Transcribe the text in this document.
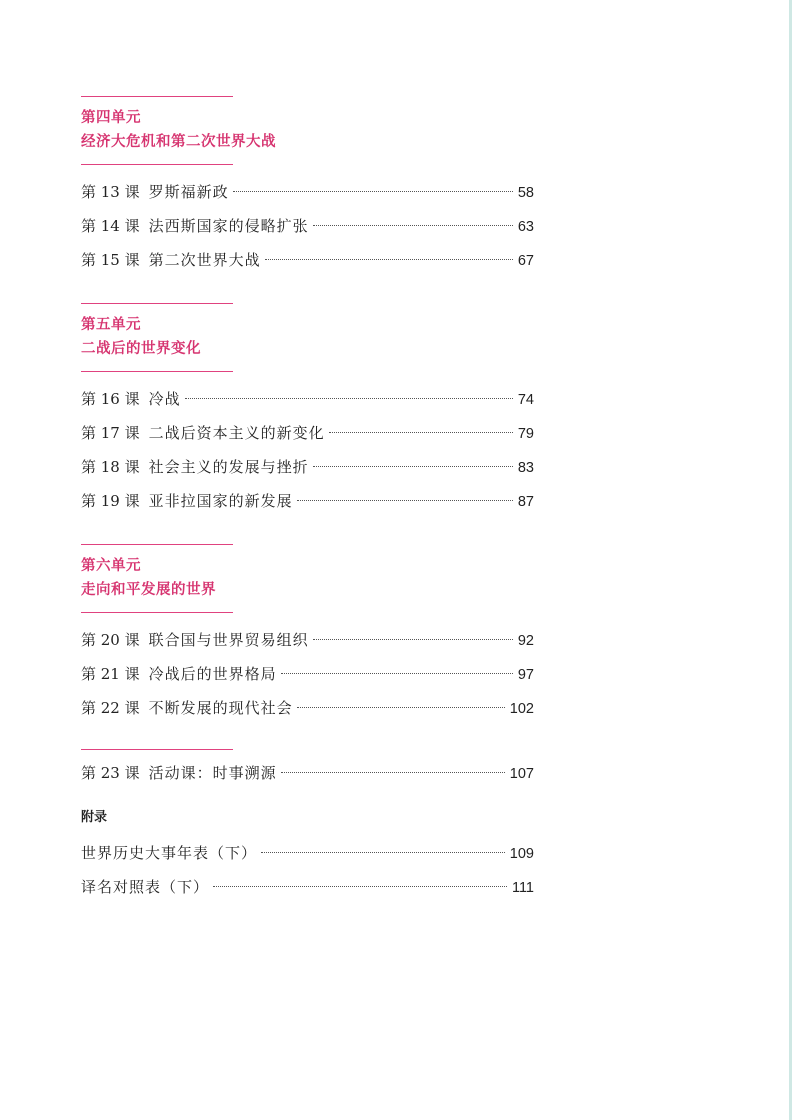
第四单元
经济大危机和第二次世界大战
第 13 课 罗斯福新政	58
第 14 课 法西斯国家的侵略扩张	63
第 15 课 第二次世界大战	67
第五单元
二战后的世界变化
第 16 课 冷战	74
第 17 课 二战后资本主义的新变化	79
第 18 课 社会主义的发展与挫折	83
第 19 课 亚非拉国家的新发展	87
第六单元
走向和平发展的世界
第 20 课 联合国与世界贸易组织	92
第 21 课 冷战后的世界格局	97
第 22 课 不断发展的现代社会	102
第 23 课 活动课：时事溯源	107
附录
世界历史大事年表（下）	109
译名对照表（下）	111
